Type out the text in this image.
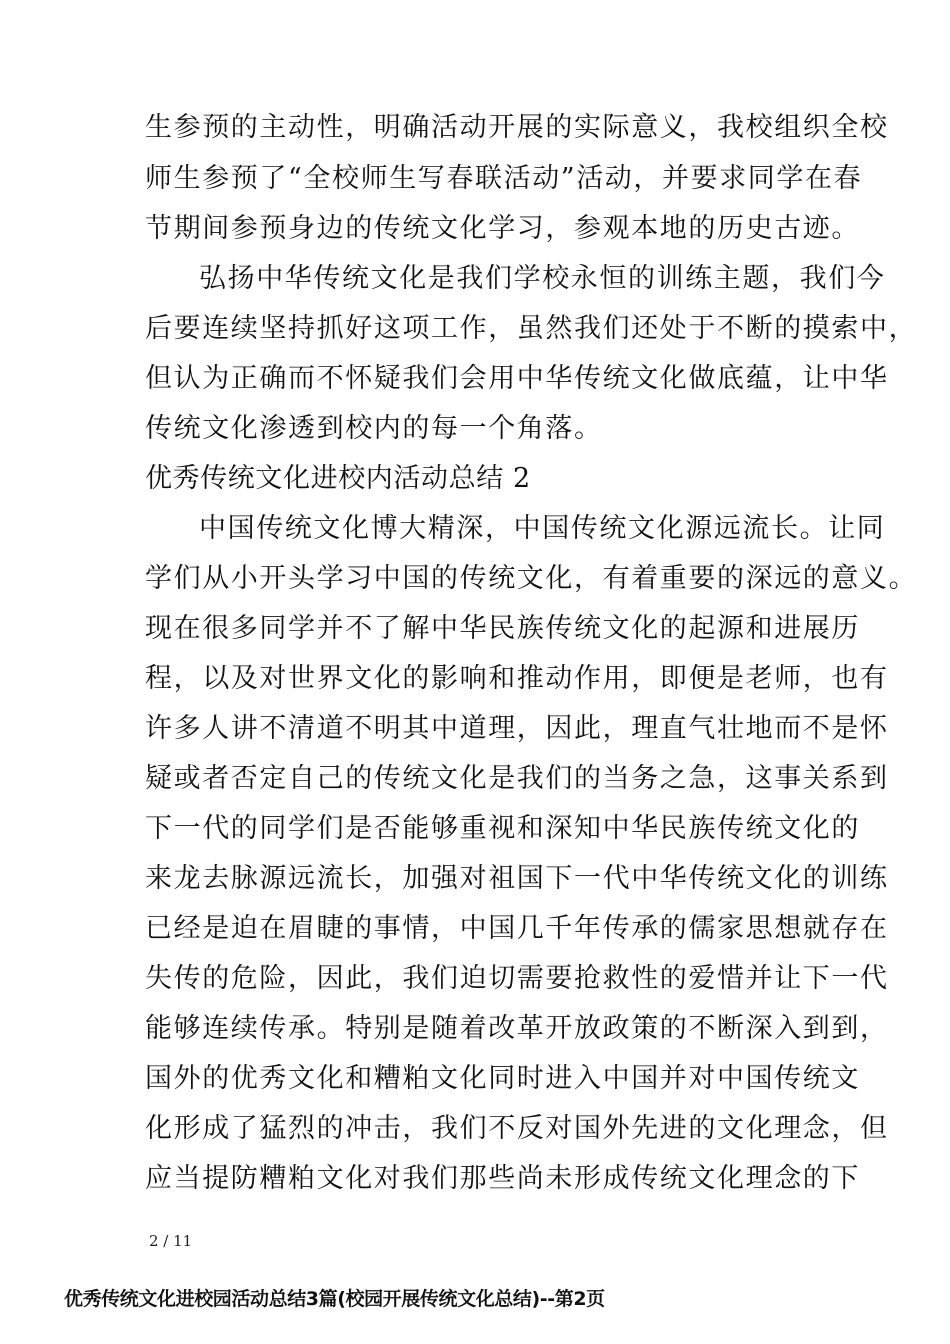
生参预的主动性，明确活动开展的实际意义，我校组织全校
师生参预了“全校师生写春联活动”活动，并要求同学在春
节期间参预身边的传统文化学习，参观本地的历史古迹。
弘扬中华传统文化是我们学校永恒的训练主题，我们今
后要连续坚持抓好这项工作，虽然我们还处于不断的摸索中，
但认为正确而不怀疑我们会用中华传统文化做底蕴，让中华
传统文化渗透到校内的每一个角落。
优秀传统文化进校内活动总结 2
中国传统文化博大精深，中国传统文化源远流长。让同
学们从小开头学习中国的传统文化，有着重要的深远的意义。
现在很多同学并不了解中华民族传统文化的起源和进展历
程，以及对世界文化的影响和推动作用，即便是老师，也有
许多人讲不清道不明其中道理，因此，理直气壮地而不是怀
疑或者否定自己的传统文化是我们的当务之急，这事关系到
下一代的同学们是否能够重视和深知中华民族传统文化的
来龙去脉源远流长，加强对祖国下一代中华传统文化的训练
已经是迫在眉睫的事情，中国几千年传承的儒家思想就存在
失传的危险，因此，我们迫切需要抢救性的爱惜并让下一代
能够连续传承。特别是随着改革开放政策的不断深入到到，
国外的优秀文化和糟粕文化同时进入中国并对中国传统文
化形成了猛烈的冲击，我们不反对国外先进的文化理念，但
应当提防糟粕文化对我们那些尚未形成传统文化理念的下
2 / 11
优秀传统文化进校园活动总结3篇(校园开展传统文化总结)--第2页
